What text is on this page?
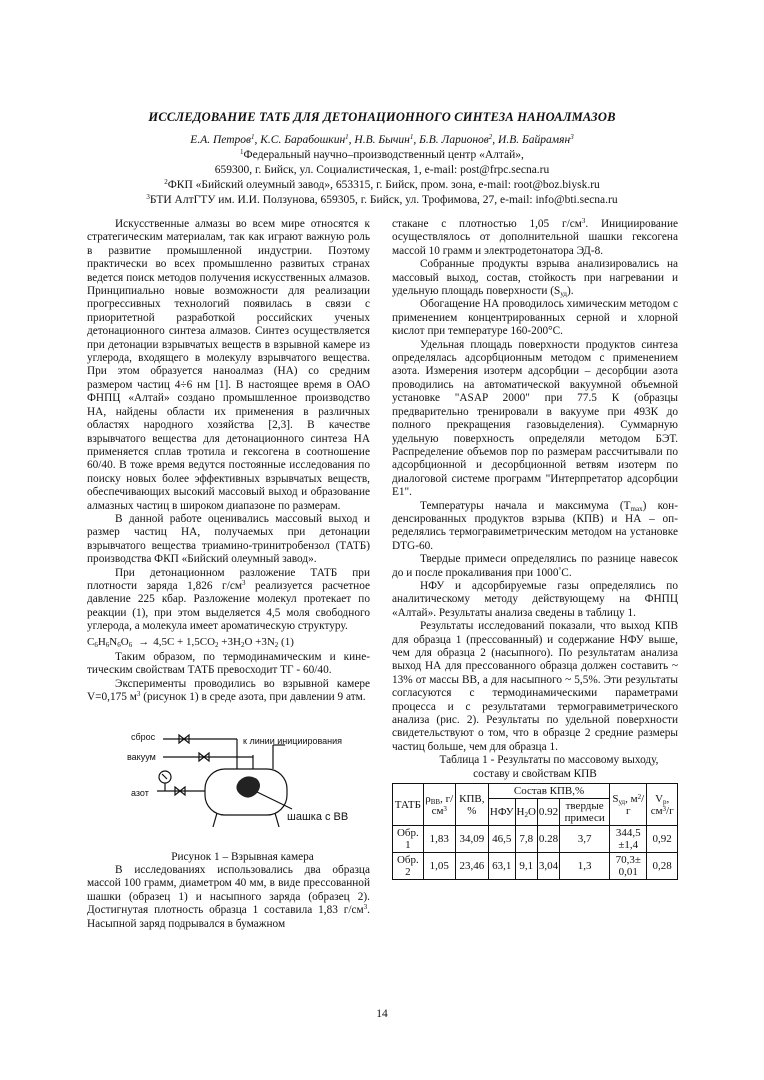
ИССЛЕДОВАНИЕ ТАТБ ДЛЯ ДЕТОНАЦИОННОГО СИНТЕЗА НАНОАЛМАЗОВ
Е.А. Петров$^1$, К.С. Барабошкин$^1$, Н.В. Бычин$^1$, Б.В. Ларионов$^2$, И.В. Байрамян$^3$
$^1$Федеральный научно–производственный центр «Алтай»,
659300, г. Бийск, ул. Социалистическая, 1, e-mail: post@frpc.secna.ru
$^2$ФКП «Бийский олеумный завод», 653315, г. Бийск, пром. зона, e-mail: root@boz.biysk.ru
$^3$БТИ АлтГТУ им. И.И. Ползунова, 659305, г. Бийск, ул. Трофимова, 27, e-mail: info@bti.secna.ru

Искусственные алмазы во всем мире относятся к стратегическим материалам, так как играют важную роль в развитие промышленной индустрии. Поэтому практически во всех промышленно развитых странах ведется поиск методов получения искусственных алмазов. Принципиально новые возможности для реализации прогрессивных технологий появилась в связи с приоритетной разработкой российских ученых детонационного синтеза алмазов. Синтез осуществляется при детонации взрывчатых веществ в взрывной камере из углерода, входящего в молекулу взрывчатого вещества. При этом образуется наноалмаз (НА) со средним размером частиц 4÷6 нм [1]. В настоящее время в ОАО ФНПЦ «Алтай» создано промышленное производство НА, найдены области их применения в различных областях народного хозяйства [2,3]. В качестве взрывчатого вещества для детонационного синтеза НА применяется сплав тротила и гексогена в соотношение 60/40. В тоже время ведутся постоянные исследования по поиску новых более эффективных взрывчатых веществ, обеспечивающих высокий массовый выход и образование алмазных частиц в широком диапазоне по размерам.

В данной работе оценивались массовый выход и размер частиц НА, получаемых при детонации взрывчатого вещества триамино-тринитробензол (ТАТБ) производства ФКП «Бийский олеумный завод».

При детонационном разложение ТАТБ при плотности заряда 1,826 $г/см^3$ реализуется расчетное давление 225 кбар. Разложение молекул протекает по реакции (1), при этом выделяется 4,5 моля свободного углерода, а молекула имеет ароматическую структуру.

$C_6H_6N_6O_6 \to 4,5C + 1,5CO_2 +3H_2O +3N_2$ (1)

Таким образом, по термодинамическим и кинетическим свойствам ТАТБ превосходит ТГ - 60/40.

Эксперименты проводились во взрывной камере V=0,175 $м^3$ (рисунок 1) в среде азота, при давлении 9 атм.

сброс	к линии инициирования
вакуум
азот
шашка с ВВ

Рисунок 1 – Взрывная камера

В исследованиях использовались два образца массой 100 грамм, диаметром 40 мм, в виде прессованной шашки (образец 1) и насыпного заряда (образец 2). Достигнутая плотность образца 1 составила 1,83 $г/см^3$. Насыпной заряд подрывался в бумажном

стакане с плотностью 1,05 $г/см^3$. Инициирование осуществлялось от дополнительной шашки гексогена массой 10 грамм и электродетонатора ЭД-8.

Собранные продукты взрыва анализировались на массовый выход, состав, стойкость при нагревании и удельную площадь поверхности $(S_{уд})$.

Обогащение НА проводилось химическим методом с применением концентрированных серной и хлорной кислот при температуре 160-200°С.

Удельная площадь поверхности продуктов синтеза определялась адсорбционным методом с применением азота. Измерения изотерм адсорбции – десорбции азота проводились на автоматической вакуумной объемной установке "ASAP 2000" при 77.5 К (образцы предварительно тренировали в вакууме при 493К до полного прекращения газовыделения). Суммарную удельную поверхность определяли методом БЭТ. Распределение объемов пор по размерам рассчитывали по адсорбционной и десорбционной ветвям изотерм по диалоговой системе программ "Интерпретатор адсорбции Е1".

Температуры начала и максимума $(Т_{max})$ конденсированных продуктов взрыва (КПВ) и НА – определялись термогравиметрическим методом на установке DTG-60.

Твердые примеси определялись по разнице навесок до и после прокаливания при 1000°С.

НФУ и адсорбируемые газы определялись по аналитическому методу действующему на ФНПЦ «Алтай». Результаты анализа сведены в таблицу 1.

Результаты исследований показали, что выход КПВ для образца 1 (прессованный) и содержание НФУ выше, чем для образца 2 (насыпного). По результатам анализа выход НА для прессованного образца должен составить ~ 13% от массы ВВ, а для насыпного ~ 5,5%. Эти результаты согласуются с термодинамическими параметрами процесса и с результатами термогравиметрического анализа (рис. 2). Результаты по удельной поверхности свидетельствуют о том, что в образце 2 средние размеры частиц больше, чем для образца 1.

Таблица 1 - Результаты по массовому выходу, составу и свойствам КПВ

ТАТБ	$\rho_{ВВ}$, $г/см^3$	КПВ, %	Состав КПВ,%				$S_{уд}$, $м^2/г$	$V_р$, $см^3/г$
			НФУ	$H_2O$	0.92	твердые примеси		
Обр. 1	1,83	34,09	46,5	7,8	0.28	3,7	344,5 ±1,4	0,92
Обр. 2	1,05	23,46	63,1	9,1	3,04	1,3	70,3± 0,01	0,28
14
